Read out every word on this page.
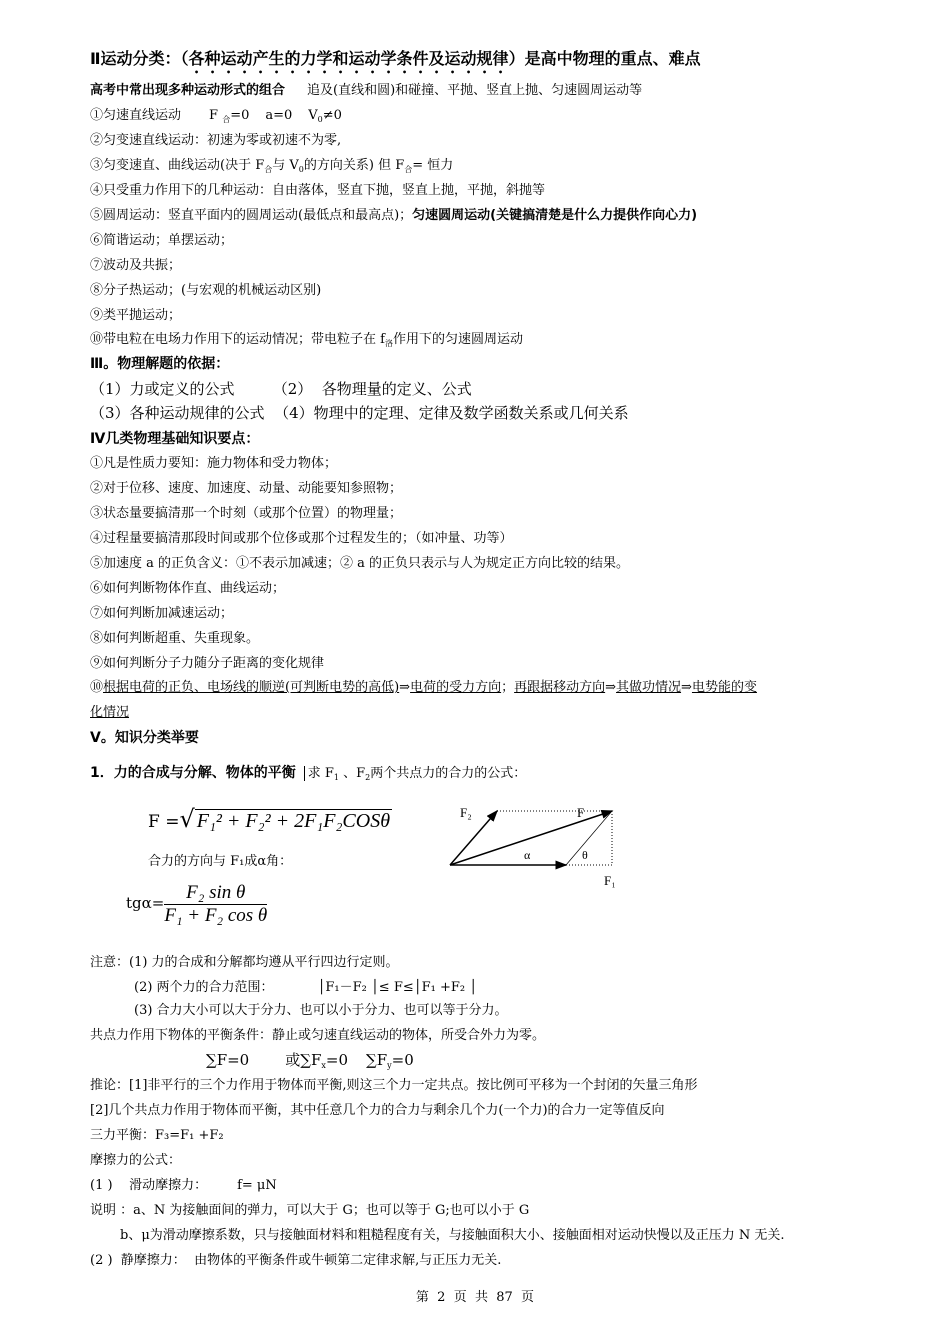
Ⅱ运动分类：（各种运动产生的力学和运动学条件及运动规律）是高中物理的重点、难点
高考中常出现多种运动形式的组合 追及(直线和圆)和碰撞、平抛、竖直上抛、匀速圆周运动等
①匀速直线运动 F $_合$=0 a=0 $V_0\ne 0$
②匀变速直线运动：初速为零或初速不为零,
③匀变速直、曲线运动(决于 $F_合$与 $V_0$的方向关系) 但 $F_合=$ 恒力
④只受重力作用下的几种运动：自由落体，竖直下抛，竖直上抛，平抛，斜抛等
⑤圆周运动：竖直平面内的圆周运动(最低点和最高点)；匀速圆周运动(关键搞清楚是什么力提供作向心力)
⑥简谐运动；单摆运动；
⑦波动及共振；
⑧分子热运动；(与宏观的机械运动区别)
⑨类平抛运动；
⑩带电粒在电场力作用下的运动情况；带电粒子在 $f_洛$作用下的匀速圆周运动
Ⅲ。物理解题的依据：
（1）力或定义的公式        （2）  各物理量的定义、公式
（3）各种运动规律的公式  （4）物理中的定理、定律及数学函数关系或几何关系
Ⅳ几类物理基础知识要点：
①凡是性质力要知：施力物体和受力物体；
②对于位移、速度、加速度、动量、动能要知参照物；
③状态量要搞清那一个时刻（或那个位置）的物理量；
④过程量要搞清那段时间或那个位侈或那个过程发生的；（如冲量、功等）
⑤加速度 a 的正负含义：①不表示加减速；② a 的正负只表示与人为规定正方向比较的结果。
⑥如何判断物体作直、曲线运动；
⑦如何判断加减速运动；
⑧如何判断超重、失重现象。
⑨如何判断分子力随分子距离的变化规律
⑩根据电荷的正负、电场线的顺逆(可判断电势的高低)⇒电荷的受力方向；再跟据移动方向⇒其做功情况⇒电势能的变
化情况
V。知识分类举要
1．力的合成与分解、物体的平衡 求 $F_1$ 、$F_2$两个共点力的合力的公式：
F =√ F₁² + F₂² + 2F₁F₂COSθ
合力的方向与 F₁成α角：
$tg\alpha= \frac{\text{F₂ sin θ}}{\text{F₁ + F₂ cos θ}}$
F₂	F
α	θ
F₁
注意：(1) 力的合成和分解都均遵从平行四边行定则。
(2) 两个力的合力范围：	│F₁－F₂ │≤ F≤│F₁ +F₂ │
(3) 合力大小可以大于分力、也可以小于分力、也可以等于分力。
共点力作用下物体的平衡条件：静止或匀速直线运动的物体，所受合外力为零。
∑F=0 或$\sum F_x=0$ $\sum F_y=0$
推论：[1]非平行的三个力作用于物体而平衡,则这三个力一定共点。按比例可平移为一个封闭的矢量三角形
[2]几个共点力作用于物体而平衡，其中任意几个力的合力与剩余几个力(一个力)的合力一定等值反向
三力平衡：F₃=F₁ +F₂
摩擦力的公式：
(1 )    滑动摩擦力： f= μN
说明 ：a、N 为接触面间的弹力，可以大于 G；也可以等于 G;也可以小于 G
b、μ为滑动摩擦系数，只与接触面材料和粗糙程度有关，与接触面积大小、接触面相对运动快慢以及正压力 N 无关.
(2 )  静摩擦力：  由物体的平衡条件或牛顿第二定律求解,与正压力无关.
第  2  页  共  87  页
